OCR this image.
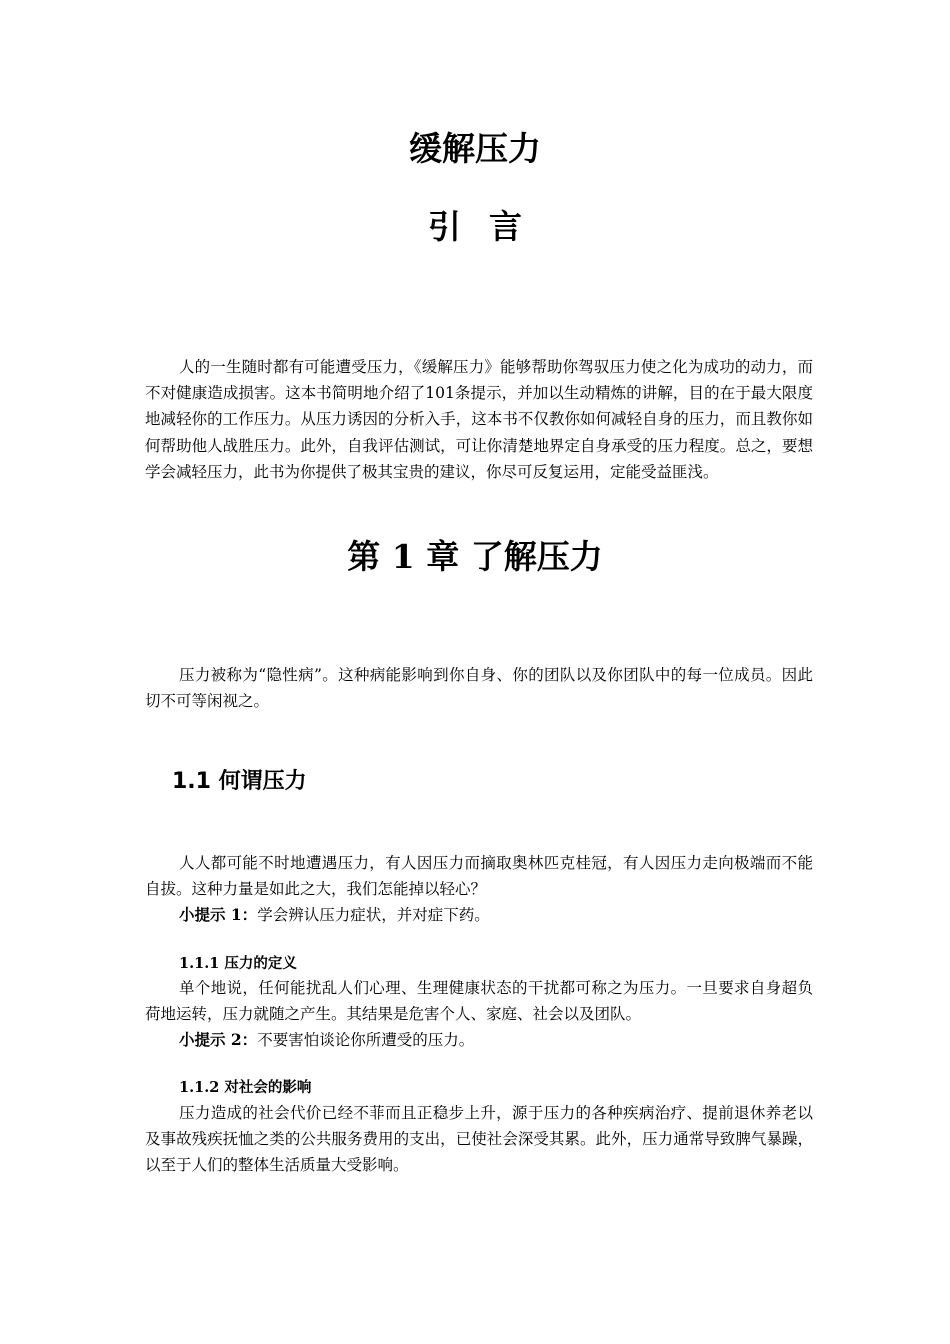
缓解压力
引言

人的一生随时都有可能遭受压力，《缓解压力》能够帮助你驾驭压力使之化为成功的动力，而不对健康造成损害。这本书简明地介绍了101条提示，并加以生动精炼的讲解，目的在于最大限度地减轻你的工作压力。从压力诱因的分析入手，这本书不仅教你如何减轻自身的压力，而且教你如何帮助他人战胜压力。此外，自我评估测试，可让你清楚地界定自身承受的压力程度。总之，要想学会减轻压力，此书为你提供了极其宝贵的建议，你尽可反复运用，定能受益匪浅。

第 1 章 了解压力

压力被称为“隐性病”。这种病能影响到你自身、你的团队以及你团队中的每一位成员。因此切不可等闲视之。

1.1 何谓压力

人人都可能不时地遭遇压力，有人因压力而摘取奥林匹克桂冠，有人因压力走向极端而不能自拔。这种力量是如此之大，我们怎能掉以轻心？

小提示 1：学会辨认压力症状，并对症下药。

1.1.1 压力的定义

单个地说，任何能扰乱人们心理、生理健康状态的干扰都可称之为压力。一旦要求自身超负荷地运转，压力就随之产生。其结果是危害个人、家庭、社会以及团队。

小提示 2：不要害怕谈论你所遭受的压力。

1.1.2 对社会的影响

压力造成的社会代价已经不菲而且正稳步上升，源于压力的各种疾病治疗、提前退休养老以及事故残疾抚恤之类的公共服务费用的支出，已使社会深受其累。此外，压力通常导致脾气暴躁，以至于人们的整体生活质量大受影响。
